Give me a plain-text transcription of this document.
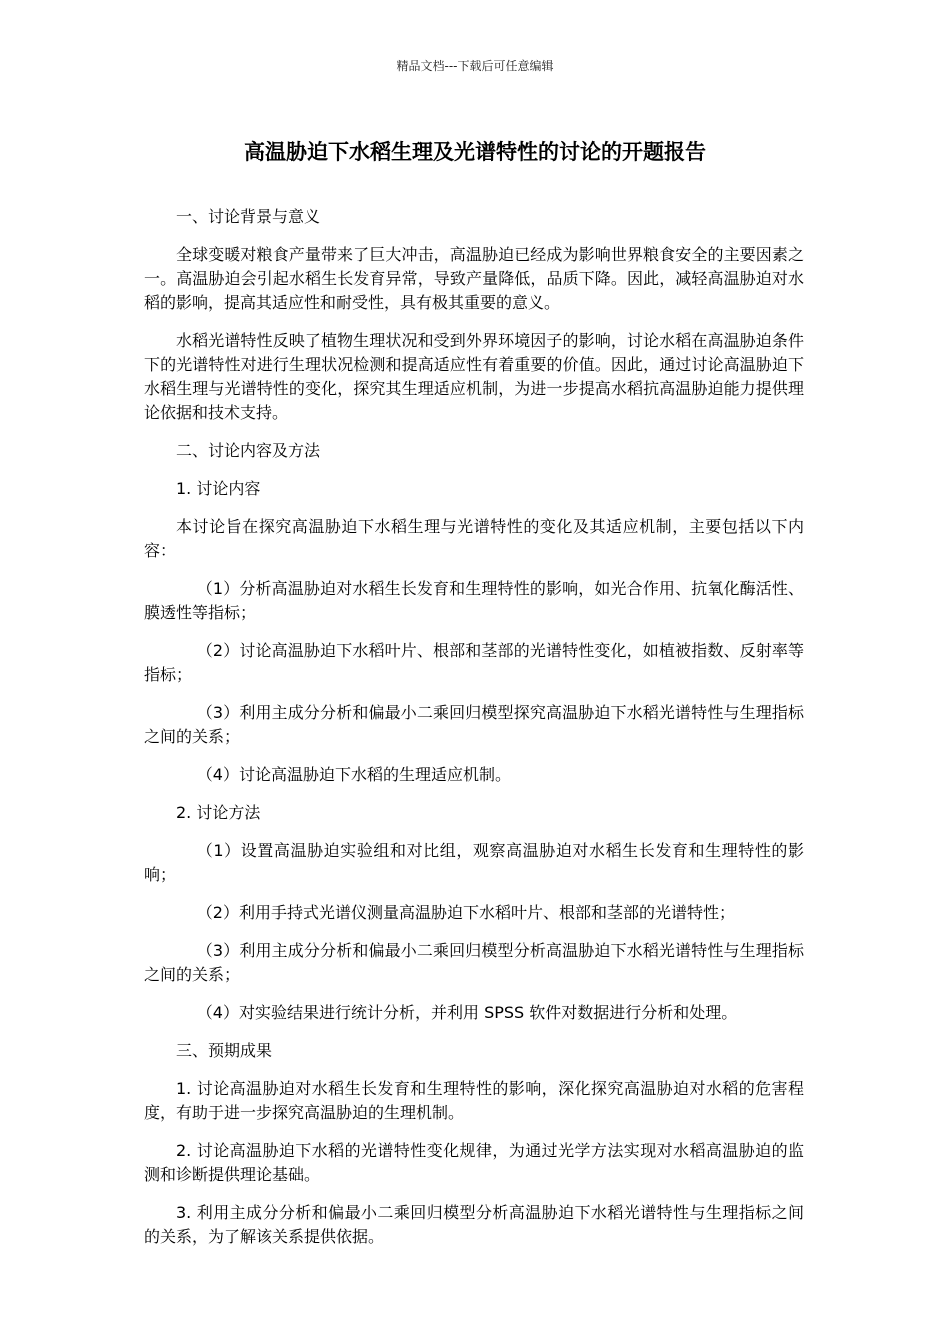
精品文档---下载后可任意编辑
高温胁迫下水稻生理及光谱特性的讨论的开题报告

一、讨论背景与意义

全球变暖对粮食产量带来了巨大冲击，高温胁迫已经成为影响世界粮食安全的主要因素之一。高温胁迫会引起水稻生长发育异常，导致产量降低，品质下降。因此，减轻高温胁迫对水稻的影响，提高其适应性和耐受性，具有极其重要的意义。

水稻光谱特性反映了植物生理状况和受到外界环境因子的影响，讨论水稻在高温胁迫条件下的光谱特性对进行生理状况检测和提高适应性有着重要的价值。因此，通过讨论高温胁迫下水稻生理与光谱特性的变化，探究其生理适应机制，为进一步提高水稻抗高温胁迫能力提供理论依据和技术支持。

二、讨论内容及方法

1. 讨论内容

本讨论旨在探究高温胁迫下水稻生理与光谱特性的变化及其适应机制，主要包括以下内容：

（1）分析高温胁迫对水稻生长发育和生理特性的影响，如光合作用、抗氧化酶活性、膜透性等指标；

（2）讨论高温胁迫下水稻叶片、根部和茎部的光谱特性变化，如植被指数、反射率等指标；

（3）利用主成分分析和偏最小二乘回归模型探究高温胁迫下水稻光谱特性与生理指标之间的关系；

（4）讨论高温胁迫下水稻的生理适应机制。

2. 讨论方法

（1）设置高温胁迫实验组和对比组，观察高温胁迫对水稻生长发育和生理特性的影响；

（2）利用手持式光谱仪测量高温胁迫下水稻叶片、根部和茎部的光谱特性；

（3）利用主成分分析和偏最小二乘回归模型分析高温胁迫下水稻光谱特性与生理指标之间的关系；

（4）对实验结果进行统计分析，并利用 SPSS 软件对数据进行分析和处理。

三、预期成果

1. 讨论高温胁迫对水稻生长发育和生理特性的影响，深化探究高温胁迫对水稻的危害程度，有助于进一步探究高温胁迫的生理机制。

2. 讨论高温胁迫下水稻的光谱特性变化规律，为通过光学方法实现对水稻高温胁迫的监测和诊断提供理论基础。

3. 利用主成分分析和偏最小二乘回归模型分析高温胁迫下水稻光谱特性与生理指标之间的关系，为了解该关系提供依据。
